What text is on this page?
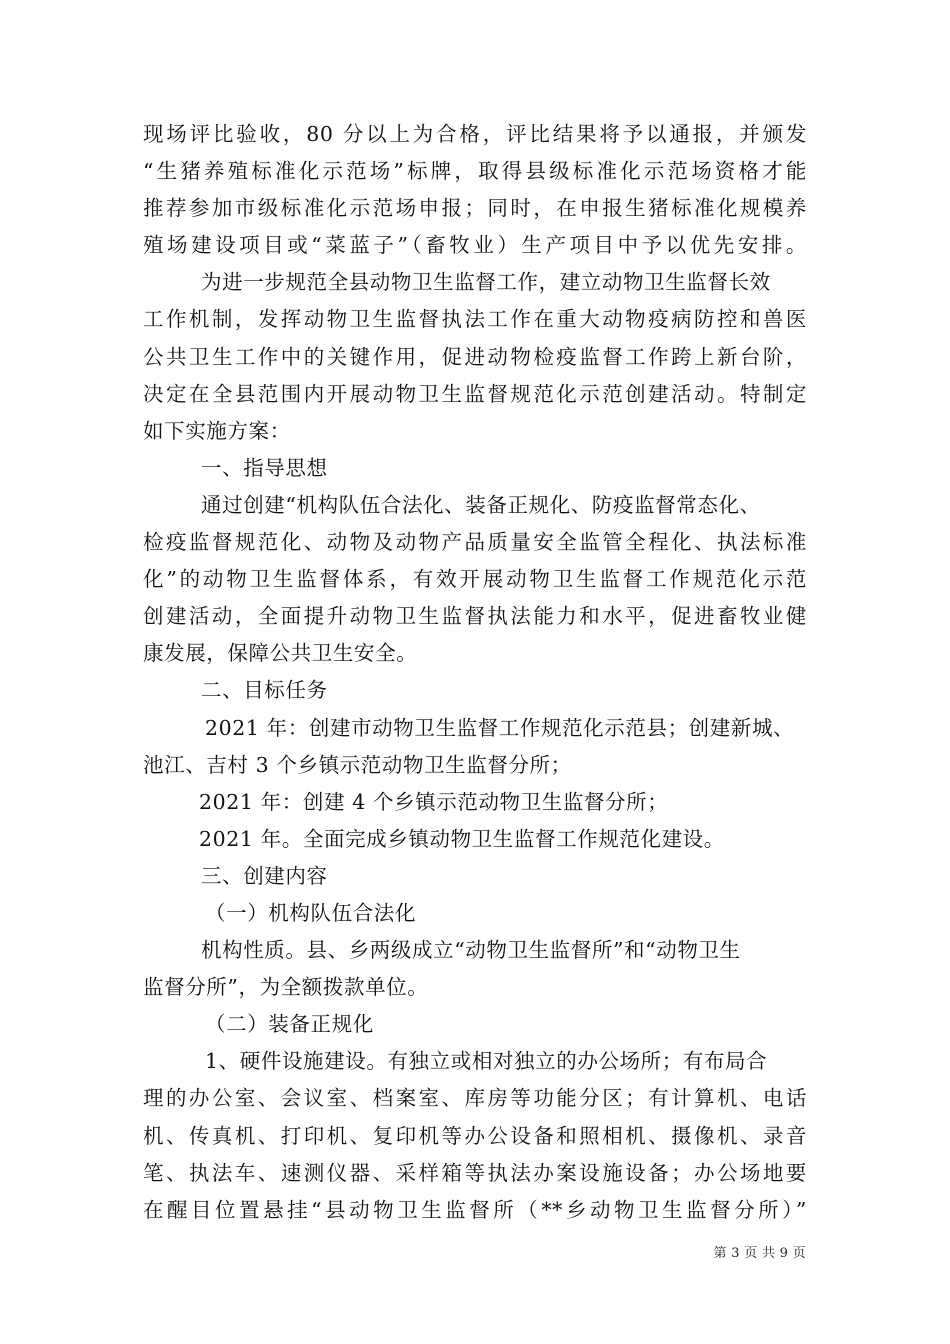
现场评比验收，80 分以上为合格，评比结果将予以通报，并颁发
“生猪养殖标准化示范场”标牌，取得县级标准化示范场资格才能
推荐参加市级标准化示范场申报；同时，在申报生猪标准化规模养
殖场建设项目或“菜蓝子”（畜牧业）生产项目中予以优先安排。
为进一步规范全县动物卫生监督工作，建立动物卫生监督长效
工作机制，发挥动物卫生监督执法工作在重大动物疫病防控和兽医
公共卫生工作中的关键作用，促进动物检疫监督工作跨上新台阶，
决定在全县范围内开展动物卫生监督规范化示范创建活动。特制定
如下实施方案：
一、指导思想
通过创建“机构队伍合法化、装备正规化、防疫监督常态化、
检疫监督规范化、动物及动物产品质量安全监管全程化、执法标准
化”的动物卫生监督体系，有效开展动物卫生监督工作规范化示范
创建活动，全面提升动物卫生监督执法能力和水平，促进畜牧业健
康发展，保障公共卫生安全。
二、目标任务
2021 年：创建市动物卫生监督工作规范化示范县；创建新城、
池江、吉村 3 个乡镇示范动物卫生监督分所；
2021 年：创建 4 个乡镇示范动物卫生监督分所；
2021 年。全面完成乡镇动物卫生监督工作规范化建设。
三、创建内容
（一）机构队伍合法化
机构性质。县、乡两级成立“动物卫生监督所”和“动物卫生
监督分所”，为全额拨款单位。
（二）装备正规化
1、硬件设施建设。有独立或相对独立的办公场所；有布局合
理的办公室、会议室、档案室、库房等功能分区；有计算机、电话
机、传真机、打印机、复印机等办公设备和照相机、摄像机、录音
笔、执法车、速测仪器、采样箱等执法办案设施设备；办公场地要
在醒目位置悬挂“县动物卫生监督所（**乡动物卫生监督分所）”
第 3 页 共 9 页
